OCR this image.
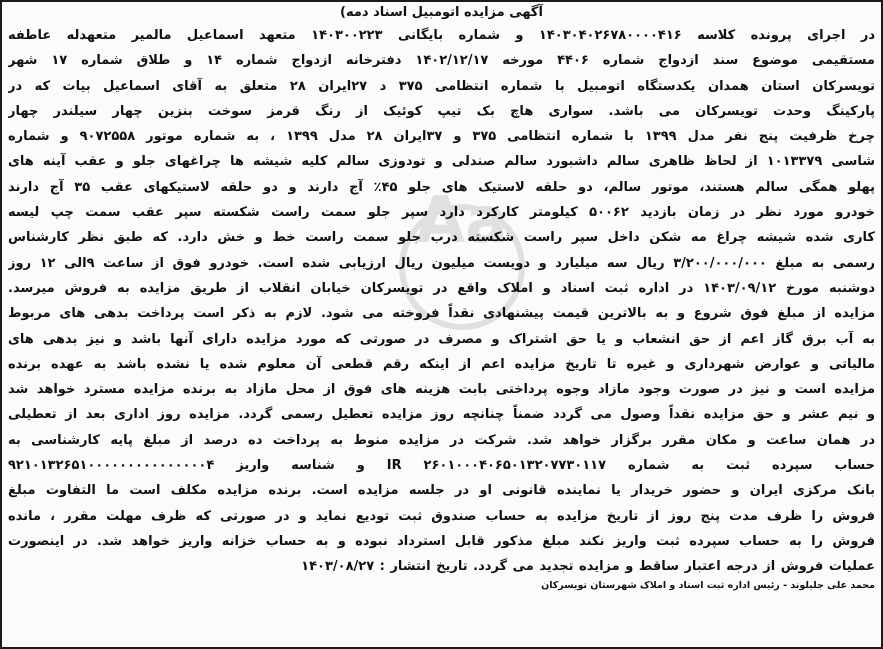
Aa
آگهی مزایده اتومبیل اسناد دمه)
در اجرای پرونده کلاسه ۱۴۰۳۰۴۰۲۶۷۸۰۰۰۰۴۱۶ و شماره بایگانی ۱۴۰۳۰۰۲۲۳ متعهد اسماعیل مالمیر متعهدله عاطفه
مستقیمی موضوع سند ازدواج شماره ۴۴۰۶ مورخه ۱۴۰۲/۱۲/۱۷ دفترخانه ازدواج شماره ۱۴ و طلاق شماره ۱۷ شهر
تویسرکان استان همدان یکدستگاه اتومبیل با شماره انتظامی ۳۷۵ د ۲۷ایران ۲۸ متعلق به آقای اسماعیل بیات که در
پارکینگ وحدت تویسرکان می باشد. سواری هاچ بک تیپ کوئیک از رنگ قرمز سوخت بنزین چهار سیلندر چهار
چرخ ظرفیت پنج نفر مدل ۱۳۹۹ با شماره انتظامی ۳۷۵ و ۳۷ایران ۲۸ مدل ۱۳۹۹ ، به شماره موتور ۹۰۷۲۵۵۸ و شماره
شاسی ۱۰۱۳۳۷۹ از لحاظ ظاهری سالم داشبورد سالم صندلی و تودوزی سالم کلیه شیشه ها چراغهای جلو و عقب آینه های
پهلو همگی سالم هستند، موتور سالم، دو حلقه لاستیک های جلو ۴۵٪ آج دارند و دو حلقه لاستیکهای عقب ۳۵ آج دارند
خودرو مورد نظر در زمان بازدید ۵۰۰۶۲ کیلومتر کارکرد دارد سپر جلو سمت راست شکسته سپر عقب سمت چپ لیسه
کاری شده شیشه چراغ مه شکن داخل سپر راست شکسته درب جلو سمت راست خط و خش دارد. که طبق نظر کارشناس
رسمی به مبلغ ۳/۲۰۰/۰۰۰/۰۰۰ ریال سه میلیارد و دویست میلیون ریال ارزیابی شده است. خودرو فوق از ساعت ۹الی ۱۲ روز
دوشنبه مورخ ۱۴۰۳/۰۹/۱۲ در اداره ثبت اسناد و املاک واقع در تویسرکان خیابان انقلاب از طریق مزایده به فروش میرسد.
مزایده از مبلغ فوق شروع و به بالاترین قیمت پیشنهادی نقداً فروخته می شود. لازم به ذکر است پرداخت بدهی های مربوط
به آب برق گاز اعم از حق انشعاب و یا حق اشتراک و مصرف در صورتی که مورد مزایده دارای آنها باشد و نیز بدهی های
مالیاتی و عوارض شهرداری و غیره تا تاریخ مزایده اعم از اینکه رقم قطعی آن معلوم شده یا نشده باشد به عهده برنده
مزایده است و نیز در صورت وجود مازاد وجوه پرداختی بابت هزینه های فوق از محل مازاد به برنده مزایده مسترد خواهد شد
و نیم عشر و حق مزایده نقداً وصول می گردد ضمناً چنانچه روز مزایده تعطیل رسمی گردد. مزایده روز اداری بعد از تعطیلی
در همان ساعت و مکان مقرر برگزار خواهد شد. شرکت در مزایده منوط به پرداخت ده درصد از مبلغ پایه کارشناسی به
حساب سپرده ثبت به شماره IR ۲۶۰۱۰۰۰۴۰۶۵۰۱۳۲۰۷۷۳۰۱۱۷ و شناسه واریز ۹۲۱۰۱۳۲۶۵۱۰۰۰۰۰۰۰۰۰۰۰۰۰۰۰۴
بانک مرکزی ایران و حضور خریدار یا نماینده قانونی او در جلسه مزایده است. برنده مزایده مکلف است ما التفاوت مبلغ
فروش را ظرف مدت پنج روز از تاریخ مزایده به حساب صندوق ثبت تودیع نماید و در صورتی که ظرف مهلت مقرر ، مانده
فروش را به حساب سپرده ثبت واریز نکند مبلغ مذکور قابل استرداد نبوده و به حساب خزانه واریز خواهد شد. در اینصورت
عملیات فروش از درجه اعتبار ساقط و مزایده تجدید می گردد. تاریخ انتشار : ۱۴۰۳/۰۸/۲۷
محمد علی جلیلوند - رئیس اداره ثبت اسناد و املاک شهرستان تویسرکان
